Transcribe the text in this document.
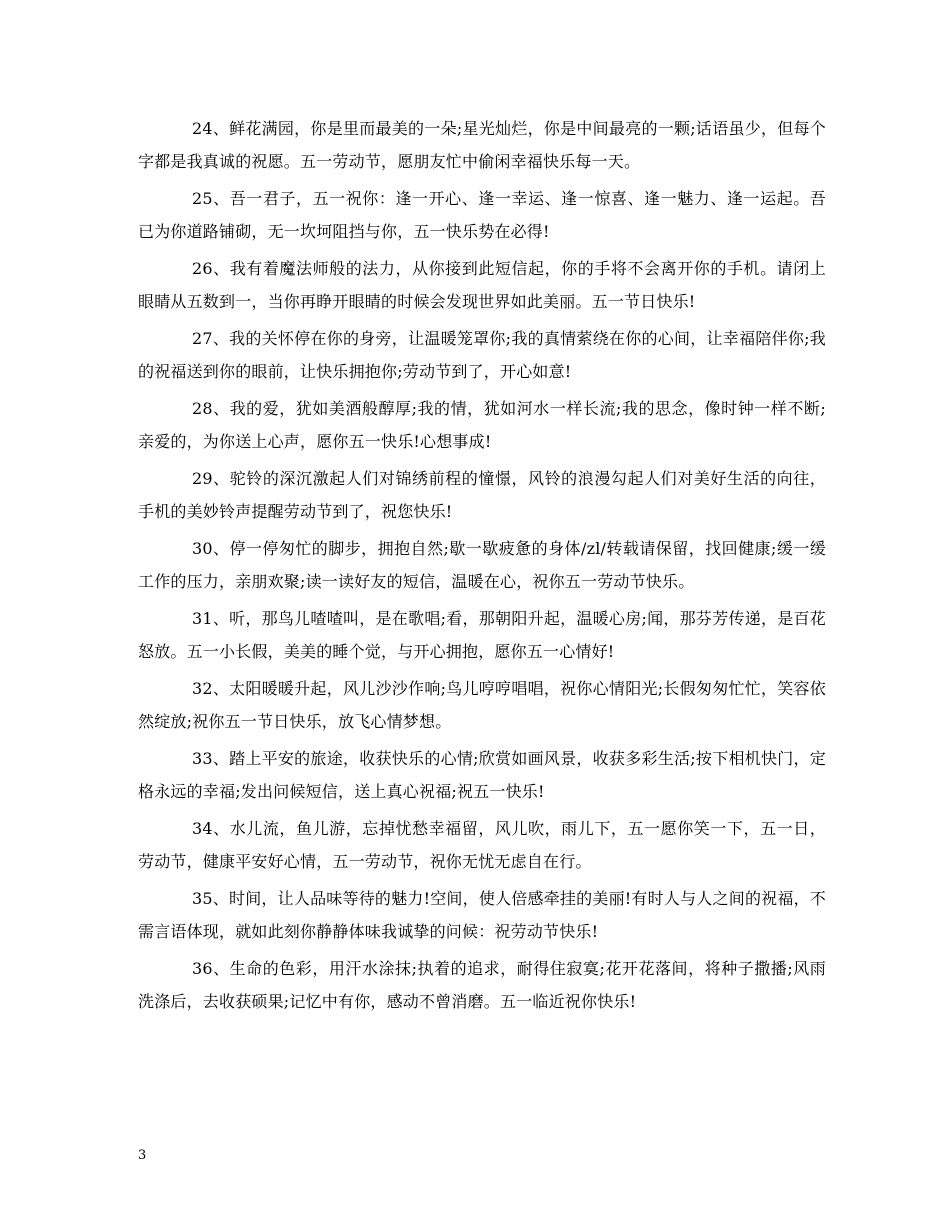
24、鲜花满园，你是里而最美的一朵;星光灿烂，你是中间最亮的一颗;话语虽少，但每个字都是我真诚的祝愿。五一劳动节，愿朋友忙中偷闲幸福快乐每一天。

25、吾一君子，五一祝你：逢一开心、逢一幸运、逢一惊喜、逢一魅力、逢一运起。吾已为你道路铺砌，无一坎坷阻挡与你，五一快乐势在必得!

26、我有着魔法师般的法力，从你接到此短信起，你的手将不会离开你的手机。请闭上眼睛从五数到一，当你再睁开眼睛的时候会发现世界如此美丽。五一节日快乐!

27、我的关怀停在你的身旁，让温暖笼罩你;我的真情萦绕在你的心间，让幸福陪伴你;我的祝福送到你的眼前，让快乐拥抱你;劳动节到了，开心如意!

28、我的爱，犹如美酒般醇厚;我的情，犹如河水一样长流;我的思念，像时钟一样不断;亲爱的，为你送上心声，愿你五一快乐!心想事成!

29、驼铃的深沉激起人们对锦绣前程的憧憬，风铃的浪漫勾起人们对美好生活的向往，手机的美妙铃声提醒劳动节到了，祝您快乐!

30、停一停匆忙的脚步，拥抱自然;歇一歇疲惫的身体/zl/转载请保留，找回健康;缓一缓工作的压力，亲朋欢聚;读一读好友的短信，温暖在心，祝你五一劳动节快乐。

31、听，那鸟儿喳喳叫，是在歌唱;看，那朝阳升起，温暖心房;闻，那芬芳传递，是百花怒放。五一小长假，美美的睡个觉，与开心拥抱，愿你五一心情好!

32、太阳暖暖升起，风儿沙沙作响;鸟儿哼哼唱唱，祝你心情阳光;长假匆匆忙忙，笑容依然绽放;祝你五一节日快乐，放飞心情梦想。

33、踏上平安的旅途，收获快乐的心情;欣赏如画风景，收获多彩生活;按下相机快门，定格永远的幸福;发出问候短信，送上真心祝福;祝五一快乐!

34、水儿流，鱼儿游，忘掉忧愁幸福留，风儿吹，雨儿下，五一愿你笑一下，五一日，劳动节，健康平安好心情，五一劳动节，祝你无忧无虑自在行。

35、时间，让人品味等待的魅力!空间，使人倍感牵挂的美丽!有时人与人之间的祝福，不需言语体现，就如此刻你静静体味我诚挚的问候：祝劳动节快乐!

36、生命的色彩，用汗水涂抹;执着的追求，耐得住寂寞;花开花落间，将种子撒播;风雨洗涤后，去收获硕果;记忆中有你，感动不曾消磨。五一临近祝你快乐!

3
